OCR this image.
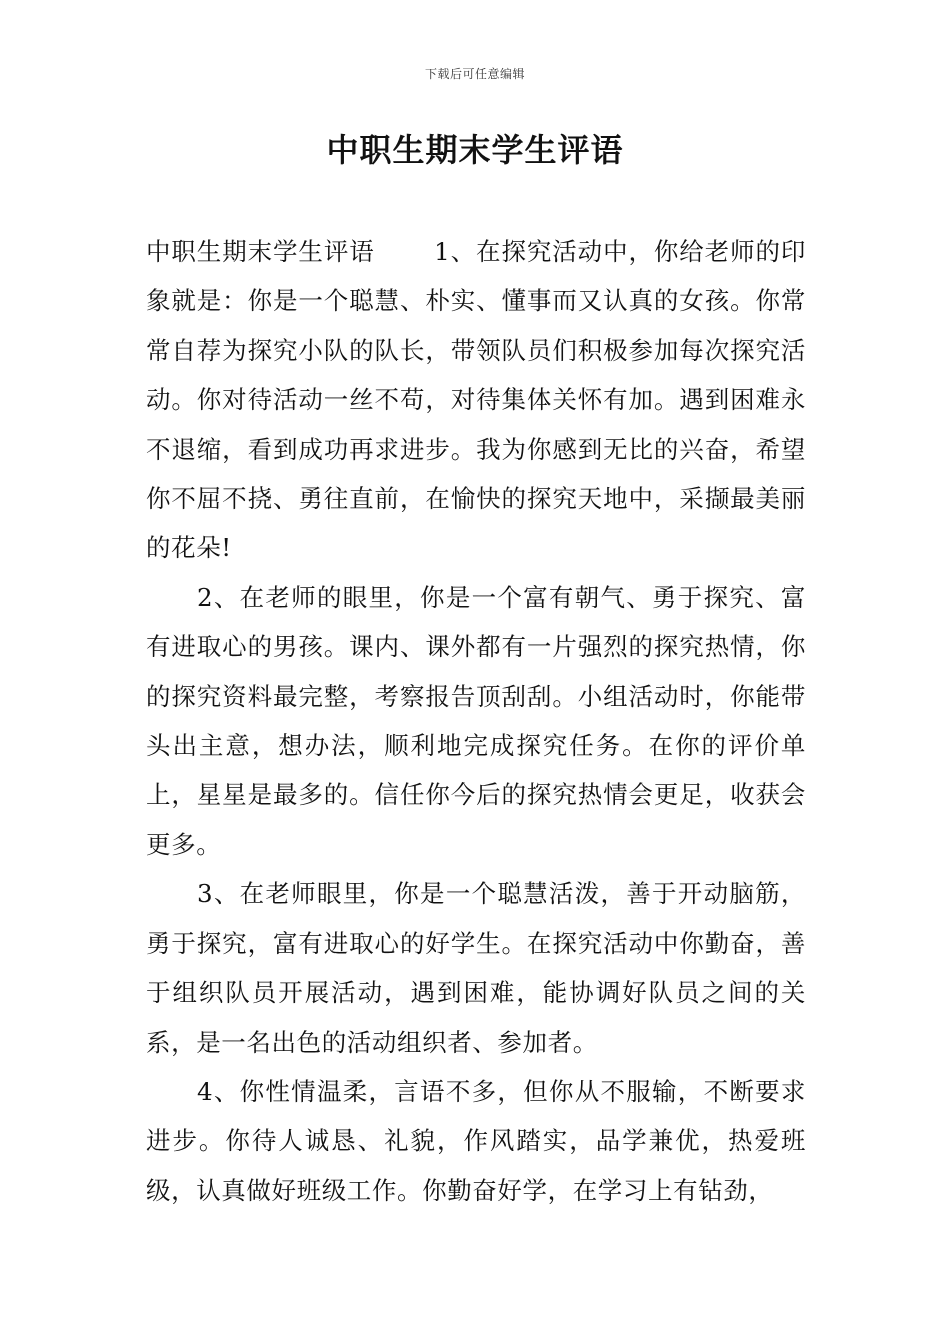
下载后可任意编辑
中职生期末学生评语

中职生期末学生评语 　　1、在探究活动中，你给老师的印象就是：你是一个聪慧、朴实、懂事而又认真的女孩。你常常自荐为探究小队的队长，带领队员们积极参加每次探究活动。你对待活动一丝不苟，对待集体关怀有加。遇到困难永不退缩，看到成功再求进步。我为你感到无比的兴奋，希望你不屈不挠、勇往直前，在愉快的探究天地中，采撷最美丽的花朵!

2、在老师的眼里，你是一个富有朝气、勇于探究、富有进取心的男孩。课内、课外都有一片强烈的探究热情，你的探究资料最完整，考察报告顶刮刮。小组活动时，你能带头出主意，想办法，顺利地完成探究任务。在你的评价单上，星星是最多的。信任你今后的探究热情会更足，收获会更多。

3、在老师眼里，你是一个聪慧活泼，善于开动脑筋，勇于探究，富有进取心的好学生。在探究活动中你勤奋，善于组织队员开展活动，遇到困难，能协调好队员之间的关系，是一名出色的活动组织者、参加者。

4、你性情温柔，言语不多，但你从不服输，不断要求进步。你待人诚恳、礼貌，作风踏实，品学兼优，热爱班级，认真做好班级工作。你勤奋好学，在学习上有钻劲，
